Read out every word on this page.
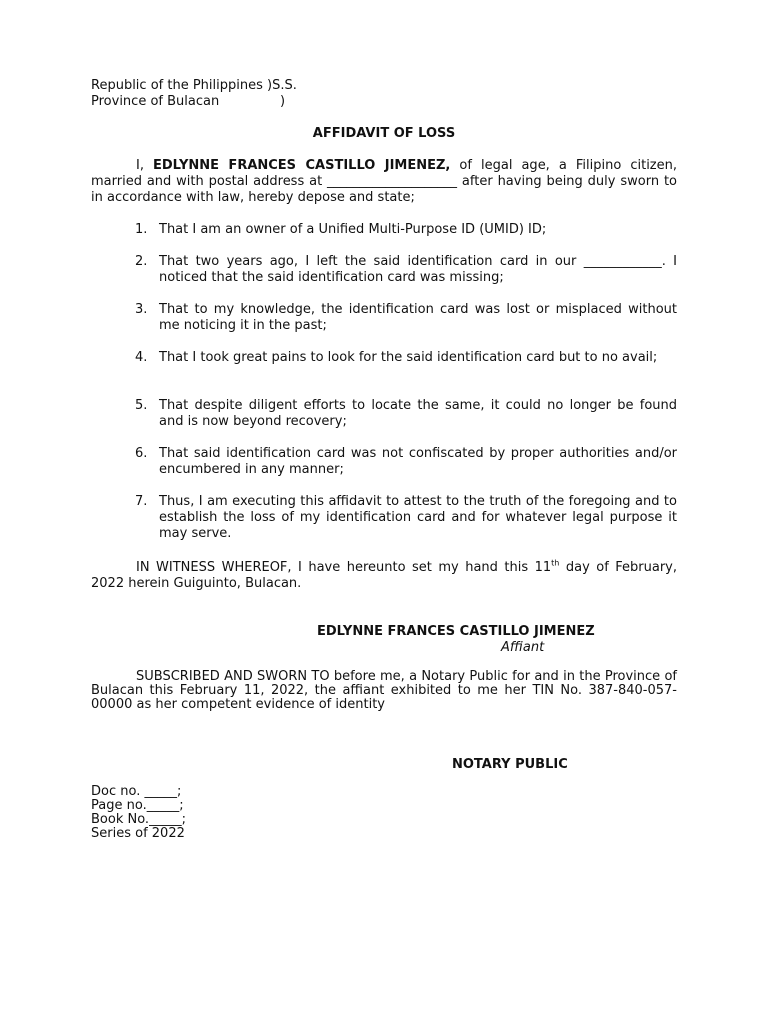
Republic of the Philippines )S.S.
Province of Bulacan	)
AFFIDAVIT OF LOSS
I, EDLYNNE FRANCES CASTILLO JIMENEZ, of legal age, a Filipino citizen, married and with postal address at ____________________ after having being duly sworn to in accordance with law, hereby depose and state;
1. That I am an owner of a Unified Multi-Purpose ID (UMID) ID;
2. That two years ago, I left the said identification card in our ____________. I noticed that the said identification card was missing;
3. That to my knowledge, the identification card was lost or misplaced without me noticing it in the past;
4. That I took great pains to look for the said identification card but to no avail;
5. That despite diligent efforts to locate the same, it could no longer be found and is now beyond recovery;
6. That said identification card was not confiscated by proper authorities and/or encumbered in any manner;
7. Thus, I am executing this affidavit to attest to the truth of the foregoing and to establish the loss of my identification card and for whatever legal purpose it may serve.
IN WITNESS WHEREOF, I have hereunto set my hand this 11th day of February, 2022 herein Guiguinto, Bulacan.
EDLYNNE FRANCES CASTILLO JIMENEZ
Affiant
SUBSCRIBED AND SWORN TO before me, a Notary Public for and in the Province of Bulacan this February 11, 2022, the affiant exhibited to me her TIN No. 387-840-057-00000 as her competent evidence of identity
NOTARY PUBLIC
Doc no. _____;
Page no._____;
Book No._____;
Series of 2022
